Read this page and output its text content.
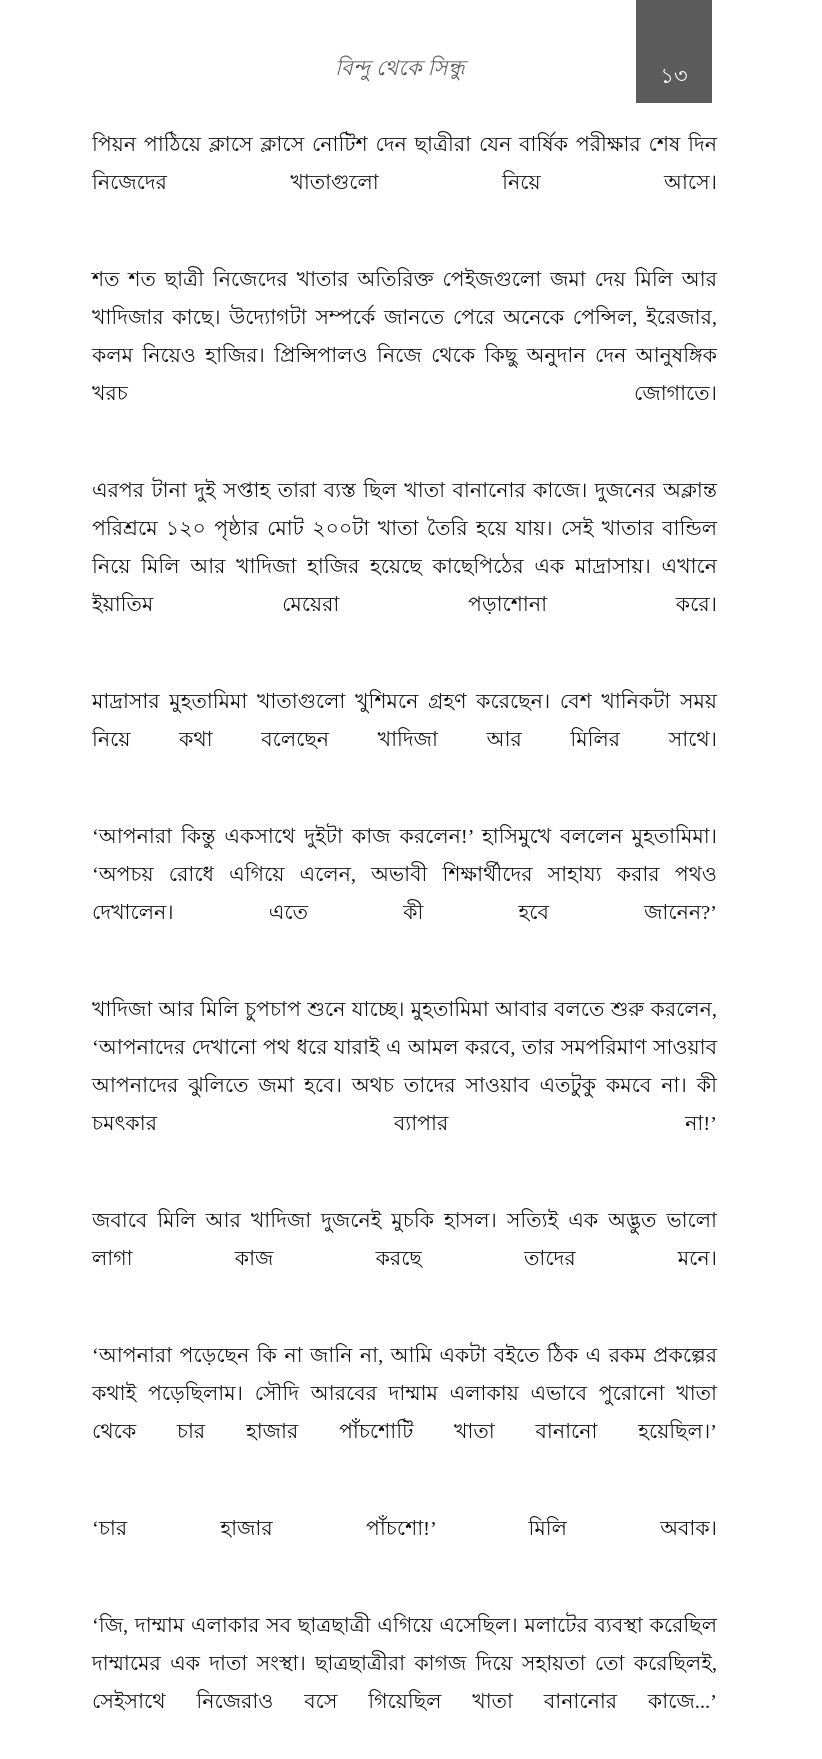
বিন্দু থেকে সিন্ধু	১৩

পিয়ন পাঠিয়ে ক্লাসে ক্লাসে নোটিশ দেন ছাত্রীরা যেন বার্ষিক পরীক্ষার শেষ দিন নিজেদের খাতাগুলো নিয়ে আসে।

শত শত ছাত্রী নিজেদের খাতার অতিরিক্ত পেইজগুলো জমা দেয় মিলি আর খাদিজার কাছে। উদ্যোগটা সম্পর্কে জানতে পেরে অনেকে পেন্সিল, ইরেজার, কলম নিয়েও হাজির। প্রিন্সিপালও নিজে থেকে কিছু অনুদান দেন আনুষঙ্গিক খরচ জোগাতে।

এরপর টানা দুই সপ্তাহ তারা ব্যস্ত ছিল খাতা বানানোর কাজে। দুজনের অক্লান্ত পরিশ্রমে ১২০ পৃষ্ঠার মোট ২০০টা খাতা তৈরি হয়ে যায়। সেই খাতার বান্ডিল নিয়ে মিলি আর খাদিজা হাজির হয়েছে কাছেপিঠের এক মাদ্রাসায়। এখানে ইয়াতিম মেয়েরা পড়াশোনা করে।

মাদ্রাসার মুহতামিমা খাতাগুলো খুশিমনে গ্রহণ করেছেন। বেশ খানিকটা সময় নিয়ে কথা বলেছেন খাদিজা আর মিলির সাথে।

‘আপনারা কিন্তু একসাথে দুইটা কাজ করলেন!’ হাসিমুখে বললেন মুহতামিমা। ‘অপচয় রোধে এগিয়ে এলেন, অভাবী শিক্ষার্থীদের সাহায্য করার পথও দেখালেন। এতে কী হবে জানেন?’

খাদিজা আর মিলি চুপচাপ শুনে যাচ্ছে। মুহতামিমা আবার বলতে শুরু করলেন, ‘আপনাদের দেখানো পথ ধরে যারাই এ আমল করবে, তার সমপরিমাণ সাওয়াব আপনাদের ঝুলিতে জমা হবে। অথচ তাদের সাওয়াব এতটুকু কমবে না। কী চমৎকার ব্যাপার না!’

জবাবে মিলি আর খাদিজা দুজনেই মুচকি হাসল। সত্যিই এক অদ্ভুত ভালো লাগা কাজ করছে তাদের মনে।

‘আপনারা পড়েছেন কি না জানি না, আমি একটা বইতে ঠিক এ রকম প্রকল্পের কথাই পড়েছিলাম। সৌদি আরবের দাম্মাম এলাকায় এভাবে পুরোনো খাতা থেকে চার হাজার পাঁচশোটি খাতা বানানো হয়েছিল।’

‘চার হাজার পাঁচশো!’ মিলি অবাক।

‘জি, দাম্মাম এলাকার সব ছাত্রছাত্রী এগিয়ে এসেছিল। মলাটের ব্যবস্থা করেছিল দাম্মামের এক দাতা সংস্থা। ছাত্রছাত্রীরা কাগজ দিয়ে সহায়তা তো করেছিলই, সেইসাথে নিজেরাও বসে গিয়েছিল খাতা বানানোর কাজে...’
